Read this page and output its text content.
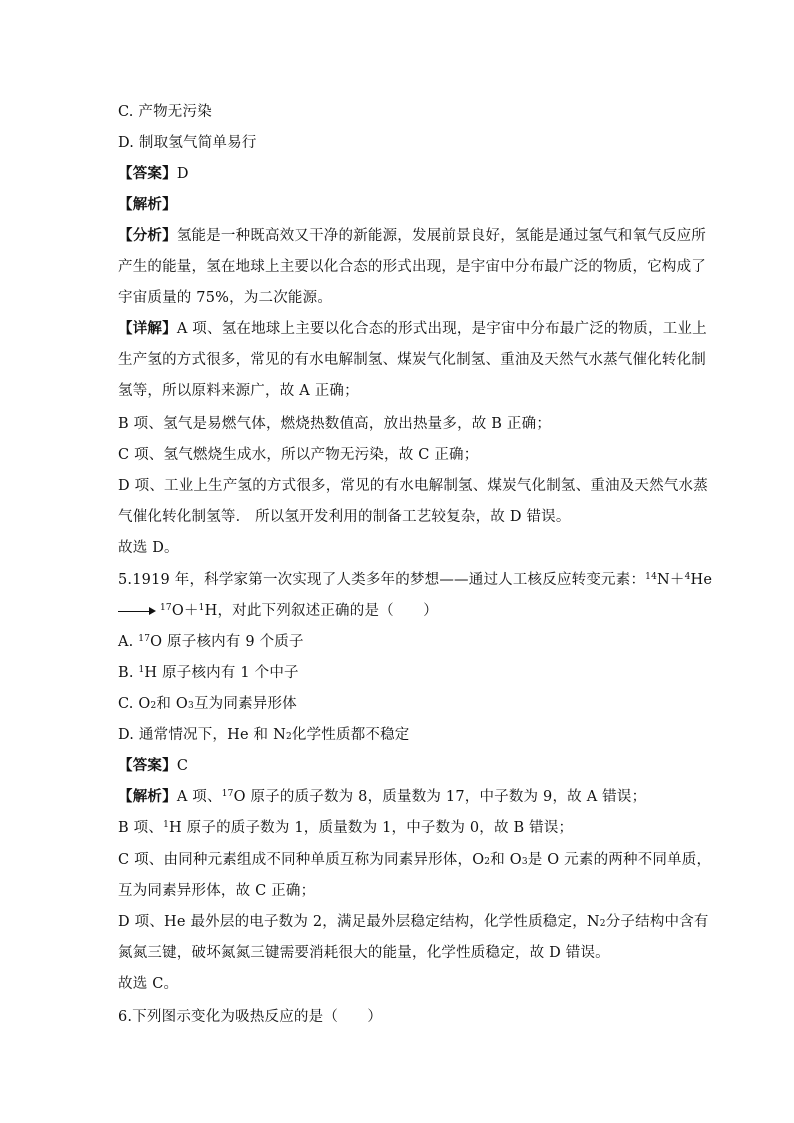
C. 产物无污染
D. 制取氢气简单易行
【答案】D
【解析】
【分析】氢能是一种既高效又干净的新能源，发展前景良好，氢能是通过氢气和氧气反应所
产生的能量，氢在地球上主要以化合态的形式出现，是宇宙中分布最广泛的物质，它构成了
宇宙质量的 75%，为二次能源。
【详解】A 项、氢在地球上主要以化合态的形式出现，是宇宙中分布最广泛的物质，工业上
生产氢的方式很多，常见的有水电解制氢、煤炭气化制氢、重油及天然气水蒸气催化转化制
氢等，所以原料来源广，故 A 正确；
B 项、氢气是易燃气体，燃烧热数值高，放出热量多，故 B 正确；
C 项、氢气燃烧生成水，所以产物无污染，故 C 正确；
D 项、工业上生产氢的方式很多，常见的有水电解制氢、煤炭气化制氢、重油及天然气水蒸
气催化转化制氢等． 所以氢开发利用的制备工艺较复杂，故 D 错误。
故选 D。
5.1919 年，科学家第一次实现了人类多年的梦想——通过人工核反应转变元素：$^{14}$N＋$^4$He
→ $^{17}$O＋$^1$H，对此下列叙述正确的是（　　）
A. $^{17}$O 原子核内有 9 个质子
B. $^1$H 原子核内有 1 个中子
C. $O_2$和 $O_3$互为同素异形体
D. 通常情况下，He 和 $N_2$化学性质都不稳定
【答案】C
【解析】A 项、$^{17}$O 原子的质子数为 8，质量数为 17，中子数为 9，故 A 错误；
B 项、$^1$H 原子的质子数为 1，质量数为 1，中子数为 0，故 B 错误；
C 项、由同种元素组成不同种单质互称为同素异形体，$O_2$和 $O_3$是 O 元素的两种不同单质，
互为同素异形体，故 C 正确；
D 项、He 最外层的电子数为 2，满足最外层稳定结构，化学性质稳定，$N_2$分子结构中含有
氮氮三键，破坏氮氮三键需要消耗很大的能量，化学性质稳定，故 D 错误。
故选 C。
6.下列图示变化为吸热反应的是（　　）
